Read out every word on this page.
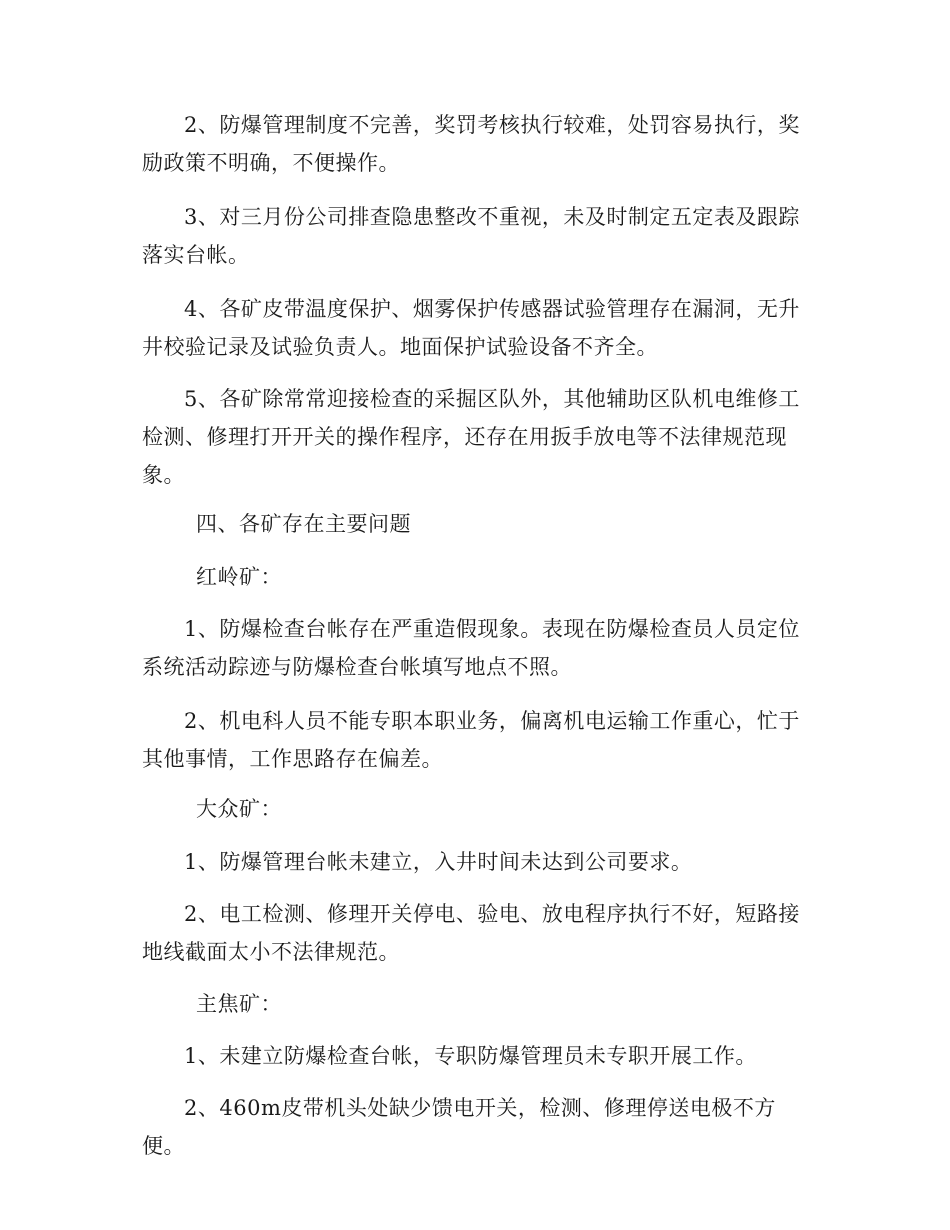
2、防爆管理制度不完善，奖罚考核执行较难，处罚容易执行，奖励政策不明确，不便操作。

3、对三月份公司排查隐患整改不重视，未及时制定五定表及跟踪落实台帐。

4、各矿皮带温度保护、烟雾保护传感器试验管理存在漏洞，无升井校验记录及试验负责人。地面保护试验设备不齐全。

5、各矿除常常迎接检查的采掘区队外，其他辅助区队机电维修工检测、修理打开开关的操作程序，还存在用扳手放电等不法律规范现象。

四、各矿存在主要问题

红岭矿：

1、防爆检查台帐存在严重造假现象。表现在防爆检查员人员定位系统活动踪迹与防爆检查台帐填写地点不照。

2、机电科人员不能专职本职业务，偏离机电运输工作重心，忙于其他事情，工作思路存在偏差。

大众矿：

1、防爆管理台帐未建立，入井时间未达到公司要求。

2、电工检测、修理开关停电、验电、放电程序执行不好，短路接地线截面太小不法律规范。

主焦矿：

1、未建立防爆检查台帐，专职防爆管理员未专职开展工作。

2、460m皮带机头处缺少馈电开关，检测、修理停送电极不方便。
